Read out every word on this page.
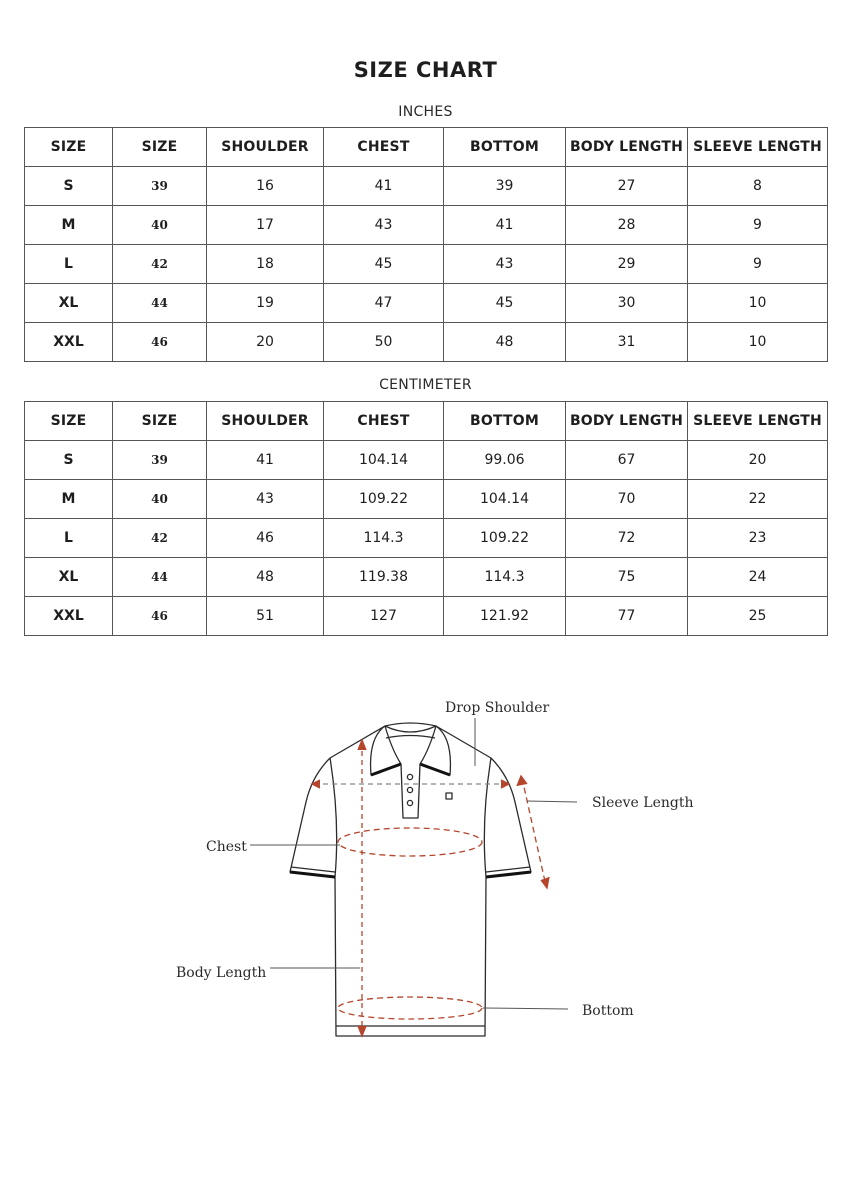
SIZE CHART
INCHES
SIZE	SIZE	SHOULDER	CHEST	BOTTOM	BODY LENGTH	SLEEVE LENGTH
S	39	16	41	39	27	8
M	40	17	43	41	28	9
L	42	18	45	43	29	9
XL	44	19	47	45	30	10
XXL	46	20	50	48	31	10
CENTIMETER
SIZE	SIZE	SHOULDER	CHEST	BOTTOM	BODY LENGTH	SLEEVE LENGTH
S	39	41	104.14	99.06	67	20
M	40	43	109.22	104.14	70	22
L	42	46	114.3	109.22	72	23
XL	44	48	119.38	114.3	75	24
XXL	46	51	127	121.92	77	25
Drop Shoulder
Sleeve Length
Chest
Body Length
Bottom
